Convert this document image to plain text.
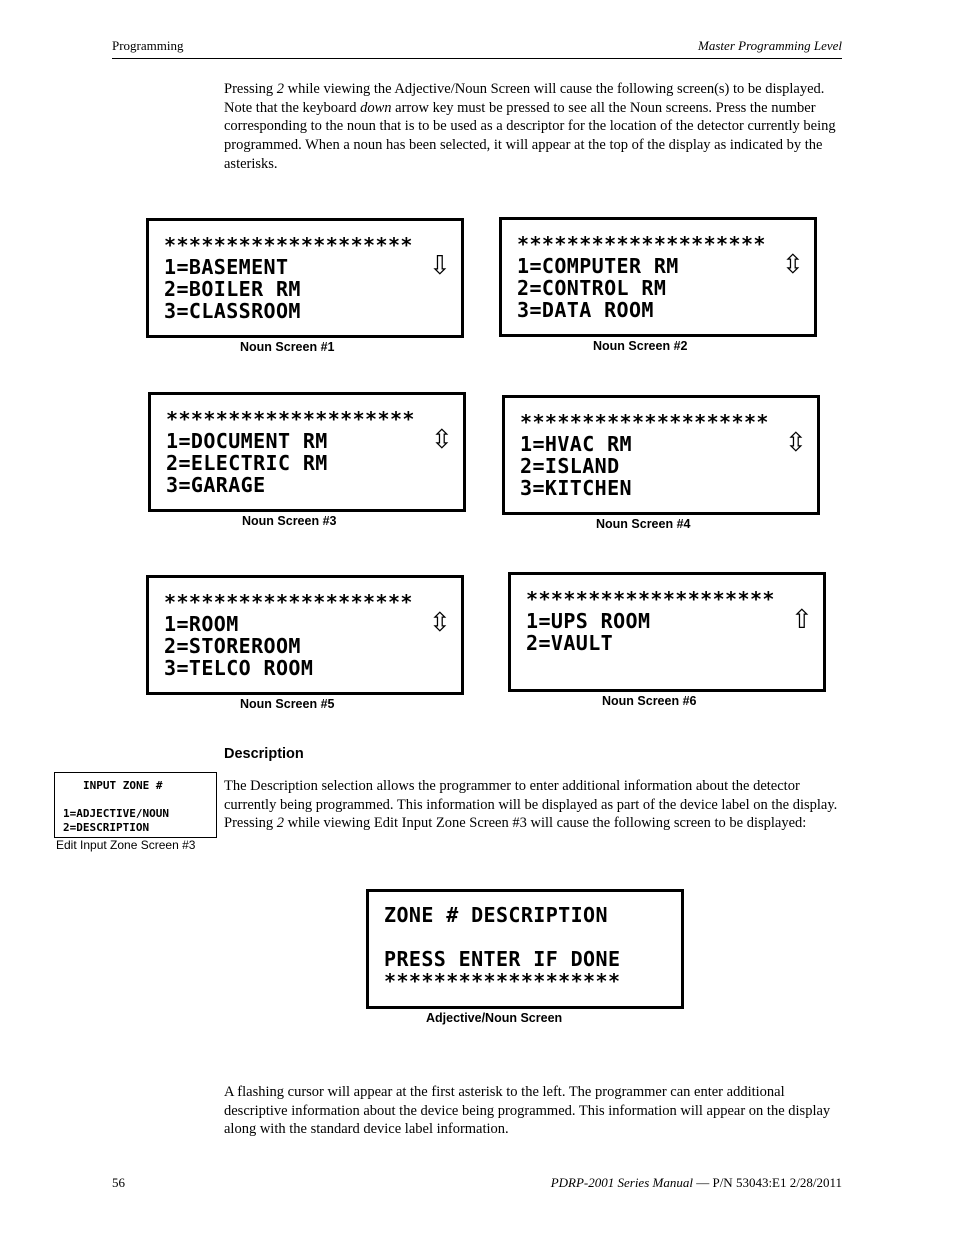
Programming	Master Programming Level

Pressing 2 while viewing the Adjective/Noun Screen will cause the following screen(s) to be displayed. Note that the keyboard down arrow key must be pressed to see all the Noun screens. Press the number corresponding to the noun that is to be used as a descriptor for the location of the detector currently being programmed. When a noun has been selected, it will appear at the top of the display as indicated by the asterisks.

********************
1=BASEMENT
2=BOILER RM
3=CLASSROOM
⇩
Noun Screen #1
********************
1=COMPUTER RM
2=CONTROL RM
3=DATA ROOM
⇳
Noun Screen #2
********************
1=DOCUMENT RM
2=ELECTRIC RM
3=GARAGE
⇳
Noun Screen #3
********************
1=HVAC RM
2=ISLAND
3=KITCHEN
⇳
Noun Screen #4
********************
1=ROOM
2=STOREROOM
3=TELCO ROOM
⇳
Noun Screen #5
********************
1=UPS ROOM
2=VAULT
⇧
Noun Screen #6
Description
INPUT ZONE #
1=ADJECTIVE/NOUN
2=DESCRIPTION
Edit Input Zone Screen #3

The Description selection allows the programmer to enter additional information about the detector currently being programmed. This information will be displayed as part of the device label on the display. Pressing 2 while viewing Edit Input Zone Screen #3 will cause the following screen to be displayed:

ZONE # DESCRIPTION
PRESS ENTER IF DONE
*******************
Adjective/Noun Screen

A flashing cursor will appear at the first asterisk to the left. The programmer can enter additional descriptive information about the device being programmed. This information will appear on the display along with the standard device label information.

56	PDRP-2001 Series Manual — P/N 53043:E1 2/28/2011
